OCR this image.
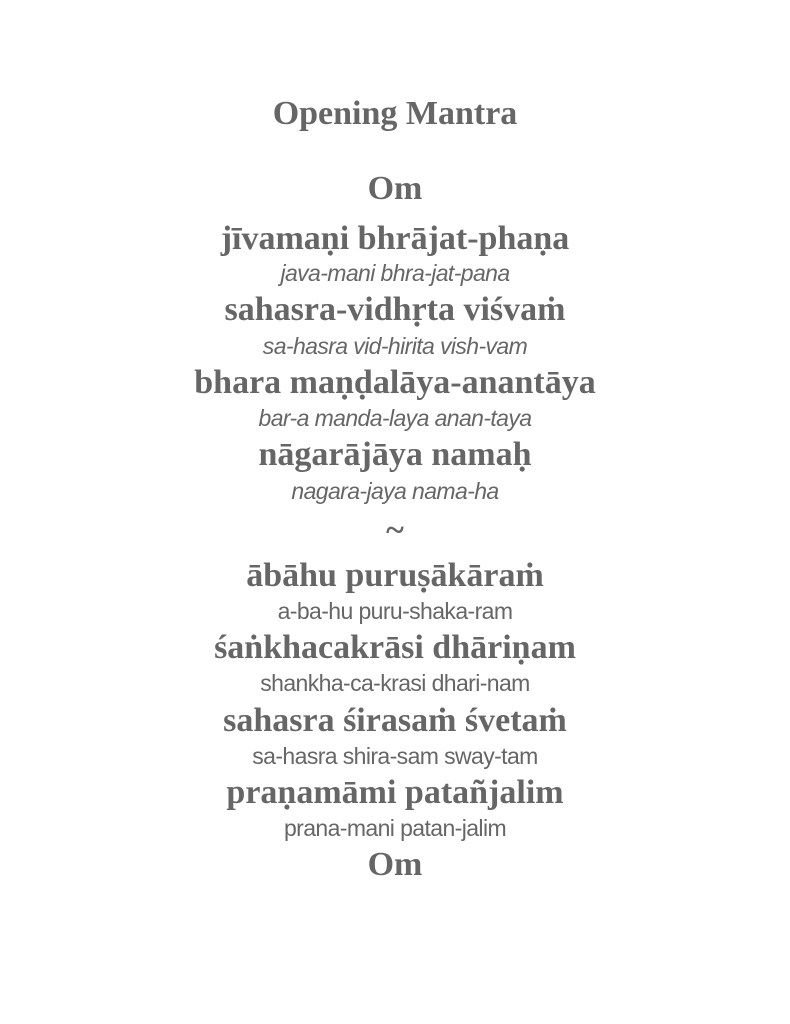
Opening Mantra
Om
jīvamaṇi bhrājat-phaṇa
java-mani bhra-jat-pana
sahasra-vidhṛta viśvaṁ
sa-hasra vid-hirita vish-vam
bhara maṇḍalāya-anantāya
bar-a manda-laya anan-taya
nāgarājāya namaḥ
nagara-jaya nama-ha
~
ābāhu puruṣākāraṁ
a-ba-hu puru-shaka-ram
śaṅkhacakrāsi dhāriṇam
shankha-ca-krasi dhari-nam
sahasra śirasaṁ śvetaṁ
sa-hasra shira-sam sway-tam
praṇamāmi patañjalim
prana-mani patan-jalim
Om
